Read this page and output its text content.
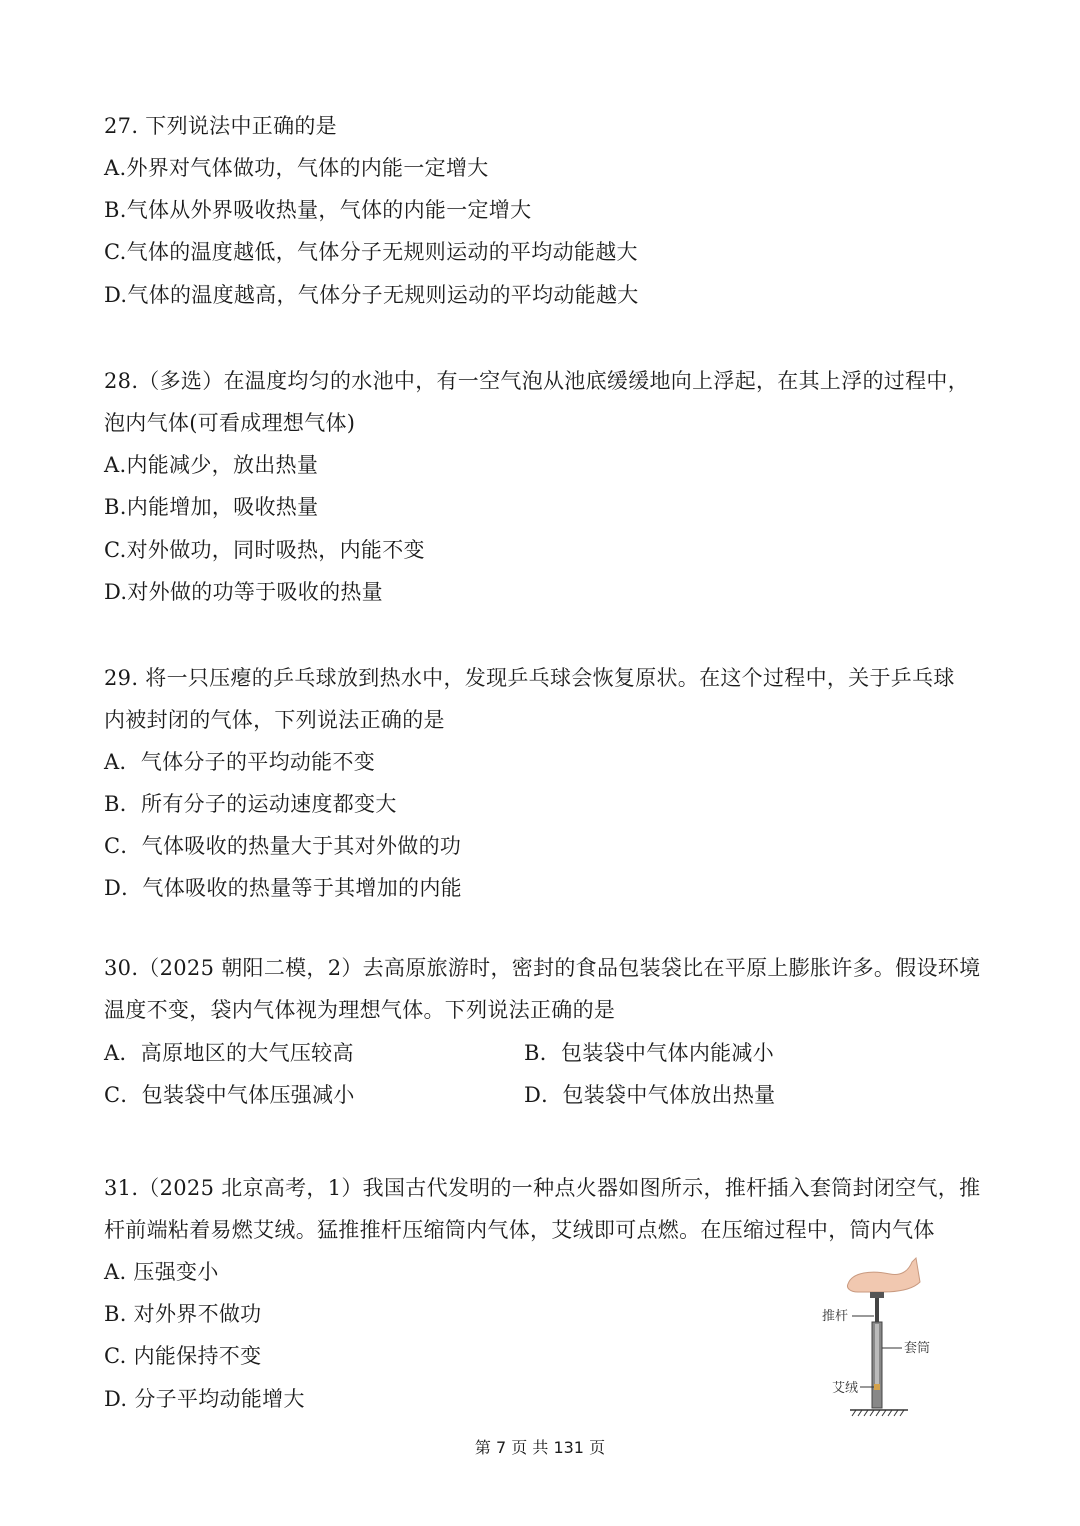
27. 下列说法中正确的是
A.外界对气体做功，气体的内能一定增大
B.气体从外界吸收热量，气体的内能一定增大
C.气体的温度越低，气体分子无规则运动的平均动能越大
D.气体的温度越高，气体分子无规则运动的平均动能越大
28.（多选）在温度均匀的水池中，有一空气泡从池底缓缓地向上浮起，在其上浮的过程中，
泡内气体(可看成理想气体)
A.内能减少，放出热量
B.内能增加，吸收热量
C.对外做功，同时吸热，内能不变
D.对外做的功等于吸收的热量
29. 将一只压瘪的乒乓球放到热水中，发现乒乓球会恢复原状。在这个过程中，关于乒乓球
内被封闭的气体，下列说法正确的是
A．气体分子的平均动能不变
B．所有分子的运动速度都变大
C．气体吸收的热量大于其对外做的功
D．气体吸收的热量等于其增加的内能
30.（2025 朝阳二模，2）去高原旅游时，密封的食品包装袋比在平原上膨胀许多。假设环境
温度不变，袋内气体视为理想气体。下列说法正确的是
A．高原地区的大气压较高	B．包装袋中气体内能减小
C．包装袋中气体压强减小	D．包装袋中气体放出热量
31.（2025 北京高考，1）我国古代发明的一种点火器如图所示，推杆插入套筒封闭空气，推
杆前端粘着易燃艾绒。猛推推杆压缩筒内气体，艾绒即可点燃。在压缩过程中，筒内气体
A. 压强变小
B. 对外界不做功
C. 内能保持不变
D. 分子平均动能增大
推杆
套筒
艾绒
第 7 页 共 131 页
